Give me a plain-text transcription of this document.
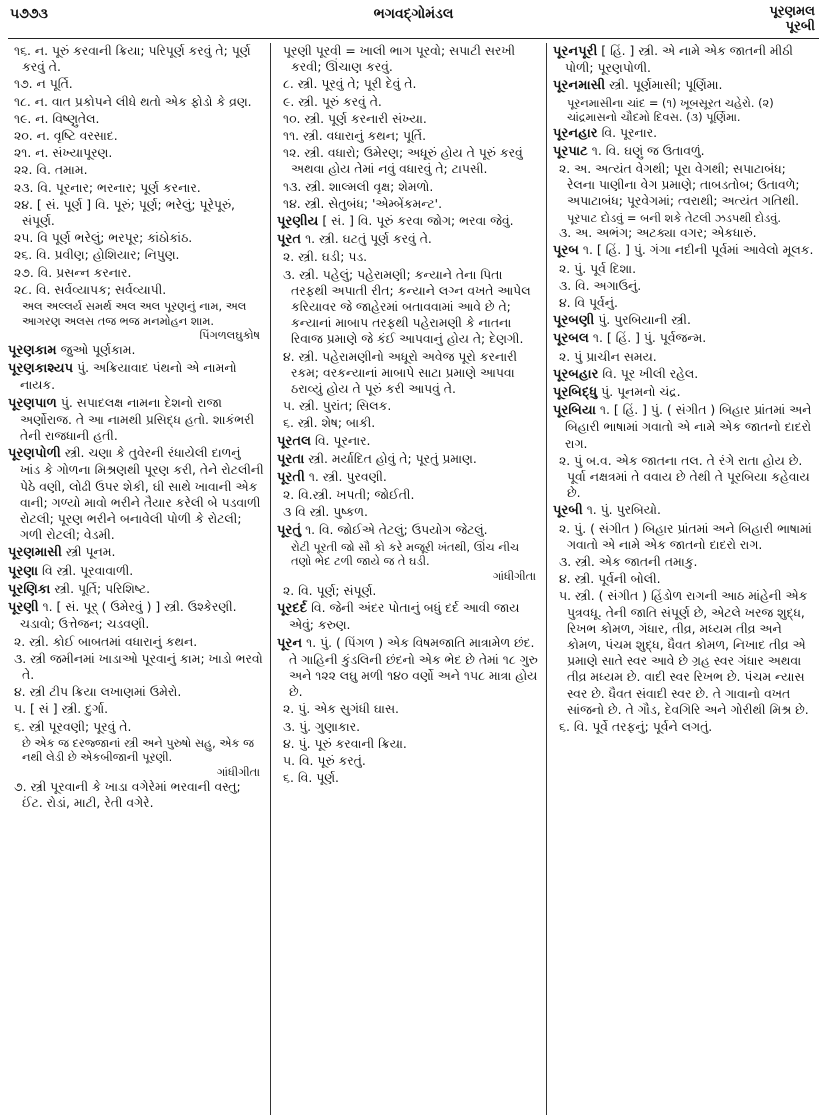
૫૭૭૩	ભગવદ્ગોમંડલ	પૂરણમલ
પૂરબી
૧૬. ન. પૂરું કરવાની ક્રિયા; પરિપૂર્ણ કરવું તે; પૂર્ણ કરવું તે.
૧૭. ન પૂર્તિ.
૧૮. ન. વાત પ્રકોપને લીધે થતો એક ફોડો કે વ્રણ.
૧૯. ન. વિષ્ણુતેલ.
૨૦. ન. વૃષ્ટિ વરસાદ.
૨૧. ન. સંખ્યાપૂરણ.
૨૨. વિ. તમામ.
૨૩. વિ. પૂરનાર; ભરનાર; પૂર્ણ કરનાર.
૨૪. [ સં. પૂર્ણ ] વિ. પૂરું; પૂર્ણ; ભરેલું; પૂરેપૂરું, સંપૂર્ણ.
૨૫. વિ પૂર્ણ ભરેલું; ભરપૂર; કાંઠોકાંઠ.
૨૬. વિ. પ્રવીણ; હોશિયાર; નિપુણ.
૨૭. વિ. પ્રસન્ન કરનાર.
૨૮. વિ. સર્વવ્યાપક; સર્વવ્યાપી.
અલ અલ્લર્ય સમર્થ અલ અલ પૂરણનું નામ, અલ આગરણ અલસ તજ ભજ મનમોહન શામ.
પિંગળલઘુકોષ
પૂરણકામ જુઓ પૂર્ણકામ.
પૂરણકાશ્યપ પું. અક્રિયાવાદ પંથનો એ નામનો નાયક.
પૂરણપાળ પું. સપાદલક્ષ નામના દેશનો રાજા અર્ણોરાજ. તે આ નામથી પ્રસિદ્ધ હતો. શાકંભરી તેની રાજધાની હતી.
પૂરણપોળી સ્ત્રી. ચણા કે તુવેરની રંધાયેલી દાળનું ખાંડ કે ગોળના મિશ્રણથી પૂરણ કરી, તેને રોટલીની પેઠે વણી, લોઢી ઉપર શેકી, ઘી સાથે ખાવાની એક વાની; ગળ્યો માવો ભરીને તૈયાર કરેલી બે પડવાળી રોટલી; પૂરણ ભરીને બનાવેલી પોળી કે રોટલી; ગળી રોટલી; વેડમી.
પૂરણમાસી સ્ત્રી પૂનમ.
પૂરણા વિ સ્ત્રી. પૂરવાવાળી.
પૂરણિકા સ્ત્રી. પૂર્તિ; પરિશિષ્ટ.
પૂરણી ૧. [ સં. પૂર્ ( ઉમેરવું ) ] સ્ત્રી. ઉશ્કેરણી. ચડાવો; ઉત્તેજન; ચડવણી.
૨. સ્ત્રી. કોઈ બાબતમાં વધારાનું કથન.
૩. સ્ત્રી જમીનમાં ખાડાઓ પૂરવાનું કામ; ખાડો ભરવો તે.
૪. સ્ત્રી ટીપ ક્રિયા લખાણમાં ઉમેરો.
૫. [ સં ] સ્ત્રી. દુર્ગા.
૬. સ્ત્રી પૂરવણી; પૂરવું તે.
છે એક જ દરજ્જાનાં સ્ત્રી અને પુરુષો સહુ, એક જ નથી લેડી છે એકબીજાની પૂરણી.
ગાંધીગીતા
૭. સ્ત્રી પૂરવાની કે ખાડા વગેરેમાં ભરવાની વસ્તુ; ઈંટ. રોડાં, માટી, રેતી વગેરે.
પૂરણી પૂરવી = ખાલી ભાગ પૂરવો; સપાટી સરખી કરવી; ઊંચાણ કરવું.
૮. સ્ત્રી. પૂરવું તે; પૂરી દેવું તે.
૯. સ્ત્રી. પૂરું કરવું તે.
૧૦. સ્ત્રી. પૂર્ણ કરનારી સંખ્યા.
૧૧. સ્ત્રી. વધારાનું કથન; પૂર્તિ.
૧૨. સ્ત્રી. વધારો; ઉમેરણ; અધૂરું હોય તે પૂરું કરવું અથવા હોય તેમાં નવું વધારવું તે; ટાપસી.
૧૩. સ્ત્રી. શાલ્મલી વૃક્ષ; શેમળો.
૧૪. સ્ત્રી. સેતુબંધ; 'એમ્બેંકમન્ટ'.
પૂરણીય [ સં. ] વિ. પૂરું કરવા જોગ; ભરવા જેવું.
પૂરત ૧. સ્ત્રી. ઘટતું પૂર્ણ કરવું તે.
૨. સ્ત્રી. ઘડી; પડ.
૩. સ્ત્રી. પહેલું; પહેરામણી; કન્યાને તેના પિતા તરફથી અપાતી રીત; કન્યાને લગ્ન વખતે આપેલ કરિયાવર જે જાહેરમાં બતાવવામાં આવે છે તે; કન્યાનાં માબાપ તરફથી પહેરામણી કે નાતના રિવાજ પ્રમાણે જે કંઈ આપવાનું હોય તે; દેણગી.
૪. સ્ત્રી. પહેરામણીનો અધૂરો અવેજ પૂરો કરનારી રકમ; વરકન્યાનાં માબાપે સાટા પ્રમાણે આપવા ઠરાવ્યું હોય તે પૂરું કરી આપવું તે.
૫. સ્ત્રી. પુરાંત; સિલક.
૬. સ્ત્રી. શેષ; બાકી.
પૂરતલ વિ. પૂરનાર.
પૂરતા સ્ત્રી. મર્યાદિત હોવું તે; પૂરતું પ્રમાણ.
પૂરતી ૧. સ્ત્રી. પુરવણી.
૨. વિ.સ્ત્રી. ખપતી; જોઈતી.
૩ વિ સ્ત્રી. પુષ્કળ.
પૂરતું ૧. વિ. જોઈએ તેટલું; ઉપયોગ જેટલું.
રોટી પૂરતી જો સૌ કો કરે મજૂરી ખંતથી, ઊંચ નીચ તણો ભેદ ટળી જાયે જ તે ઘડી.
ગાંધીગીતા
૨. વિ. પૂર્ણ; સંપૂર્ણ.
પૂરદર્દ વિ. જેની અંદર પોતાનું બધું દર્દ આવી જાય એવું; કરુણ.
પૂરન ૧. પું. ( પિંગળ ) એક વિષમજાતિ માત્રામેળ છંદ. તે ગાહિની કુંડલિની છંદનો એક ભેદ છે તેમાં ૧૮ ગુરુ અને ૧૨૨ લઘુ મળી ૧૪૦ વર્ણો અને ૧૫૮ માત્રા હોય છે.
૨. પું. એક સુગંધી ઘાસ.
૩. પું. ગુણાકાર.
૪. પું. પૂરું કરવાની ક્રિયા.
૫. વિ. પૂરું કરતું.
૬. વિ. પૂર્ણ.
પૂરનપૂરી [ હિં. ] સ્ત્રી. એ નામે એક જાતની મીઠી પોળી; પૂરણપોળી.
પૂરનમાસી સ્ત્રી. પૂર્ણમાસી; પૂર્ણિમા.
પૂરનમાસીના ચાંદ = (૧) ખૂબસૂરત ચહેરો. (૨) ચાંદ્રમાસનો ચૌદમો દિવસ. (૩) પૂર્ણિમા.
પૂરનહાર વિ. પૂરનાર.
પૂરપાટ ૧. વિ. ઘણું જ ઉતાવળું.
૨. અ. અત્યંત વેગથી; પૂરા વેગથી; સપાટાબંધ; રેલના પાણીના વેગ પ્રમાણે; તાબડતોબ; ઉતાવળે; અપાટાબંધ; પૂરવેગમાં; ત્વરાથી; અત્યંત ગતિથી.
પૂરપાટ દોડવું = બની શકે તેટલી ઝડપથી દોડવું.
૩. અ. અભંગ; અટક્યા વગર; એકધારું.
પૂરબ ૧. [ હિં. ] પું. ગંગા નદીની પૂર્વમાં આવેલો મૂલક.
૨. પું. પૂર્વ દિશા.
૩. વિ. અગાઉનું.
૪. વિ પૂર્વનું.
પૂરબણી પું. પુરબિયાની સ્ત્રી.
પૂરબલ ૧. [ હિં. ] પું. પૂર્વજન્મ.
૨. પું પ્રાચીન સમય.
પૂરબહાર વિ. પૂર ખીલી રહેલ.
પૂરબિદ્ધુ પું. પૂનમનો ચંદ્ર.
પૂરબિયા ૧. [ હિં. ] પું. ( સંગીત ) બિહાર પ્રાંતમાં અને બિહારી ભાષામાં ગવાતો એ નામે એક જાતનો દાદરો રાગ.
૨. પું બ.વ. એક જાતના તલ. તે રંગે રાતા હોય છે. પૂર્વા નક્ષત્રમાં તે વવાય છે તેથી તે પૂરબિયા કહેવાય છે.
પૂરબી ૧. પું. પુરબિયો.
૨. પું. ( સંગીત ) બિહાર પ્રાંતમાં અને બિહારી ભાષામાં ગવાતો એ નામે એક જાતનો દાદરો રાગ.
૩. સ્ત્રી. એક જાતની તમાકુ.
૪. સ્ત્રી. પૂર્વની બોલી.
૫. સ્ત્રી. ( સંગીત ) હિંડોળ રાગની આઠ માંહેની એક પુત્રવધૂ. તેની જાતિ સંપૂર્ણ છે, એટલે ખરજ શુદ્ધ, રિખભ કોમળ, ગંધાર, તીવ્ર, મધ્યમ તીવ્ર અને કોમળ, પંચમ શુદ્ધ, ધૈવત કોમળ, નિખાદ તીવ્ર એ પ્રમાણે સાતે સ્વર આવે છે ગ્રહ સ્વર ગંધાર અથવા તીવ્ર મધ્યમ છે. વાદી સ્વર રિખભ છે. પંચમ ન્યાસ સ્વર છે. ધૈવત સંવાદી સ્વર છે. તે ગાવાનો વખત સાંજનો છે. તે ગૌડ, દેવગિરિ અને ગોરીથી મિશ્ર છે.
૬. વિ. પૂર્વે તરફનું; પૂર્વને લગતું.
